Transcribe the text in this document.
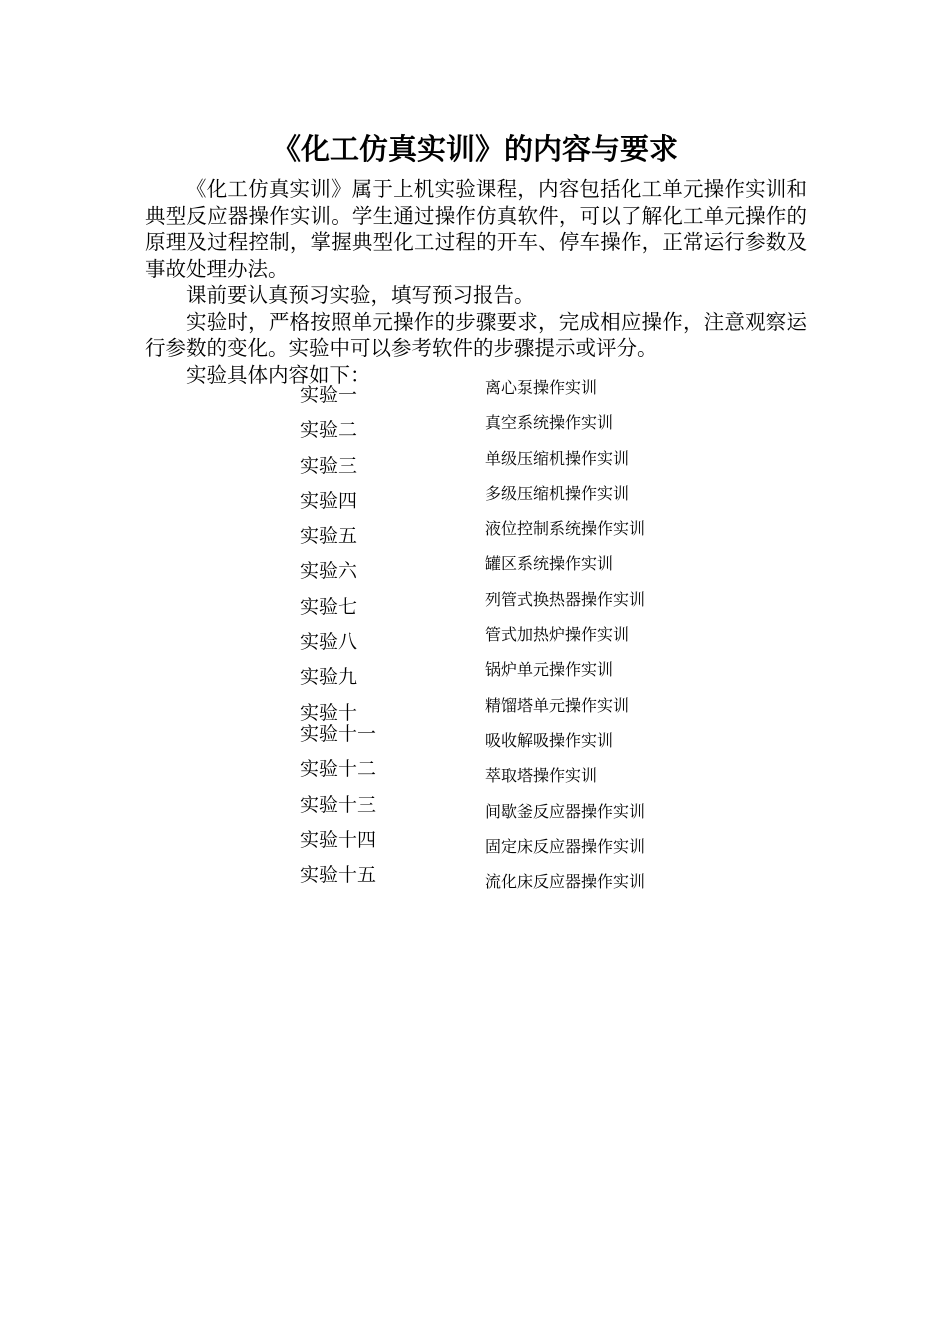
《化工仿真实训》的内容与要求

《化工仿真实训》属于上机实验课程，内容包括化工单元操作实训和典型反应器操作实训。学生通过操作仿真软件，可以了解化工单元操作的原理及过程控制，掌握典型化工过程的开车、停车操作，正常运行参数及事故处理办法。

课前要认真预习实验，填写预习报告。

实验时，严格按照单元操作的步骤要求，完成相应操作，注意观察运行参数的变化。实验中可以参考软件的步骤提示或评分。

实验具体内容如下：

实验一	离心泵操作实训
实验二	真空系统操作实训
实验三	单级压缩机操作实训
实验四	多级压缩机操作实训
实验五	液位控制系统操作实训
实验六	罐区系统操作实训
实验七	列管式换热器操作实训
实验八	管式加热炉操作实训
实验九	锅炉单元操作实训
实验十	精馏塔单元操作实训
实验十一	吸收解吸操作实训
实验十二	萃取塔操作实训
实验十三	间歇釜反应器操作实训
实验十四	固定床反应器操作实训
实验十五	流化床反应器操作实训
